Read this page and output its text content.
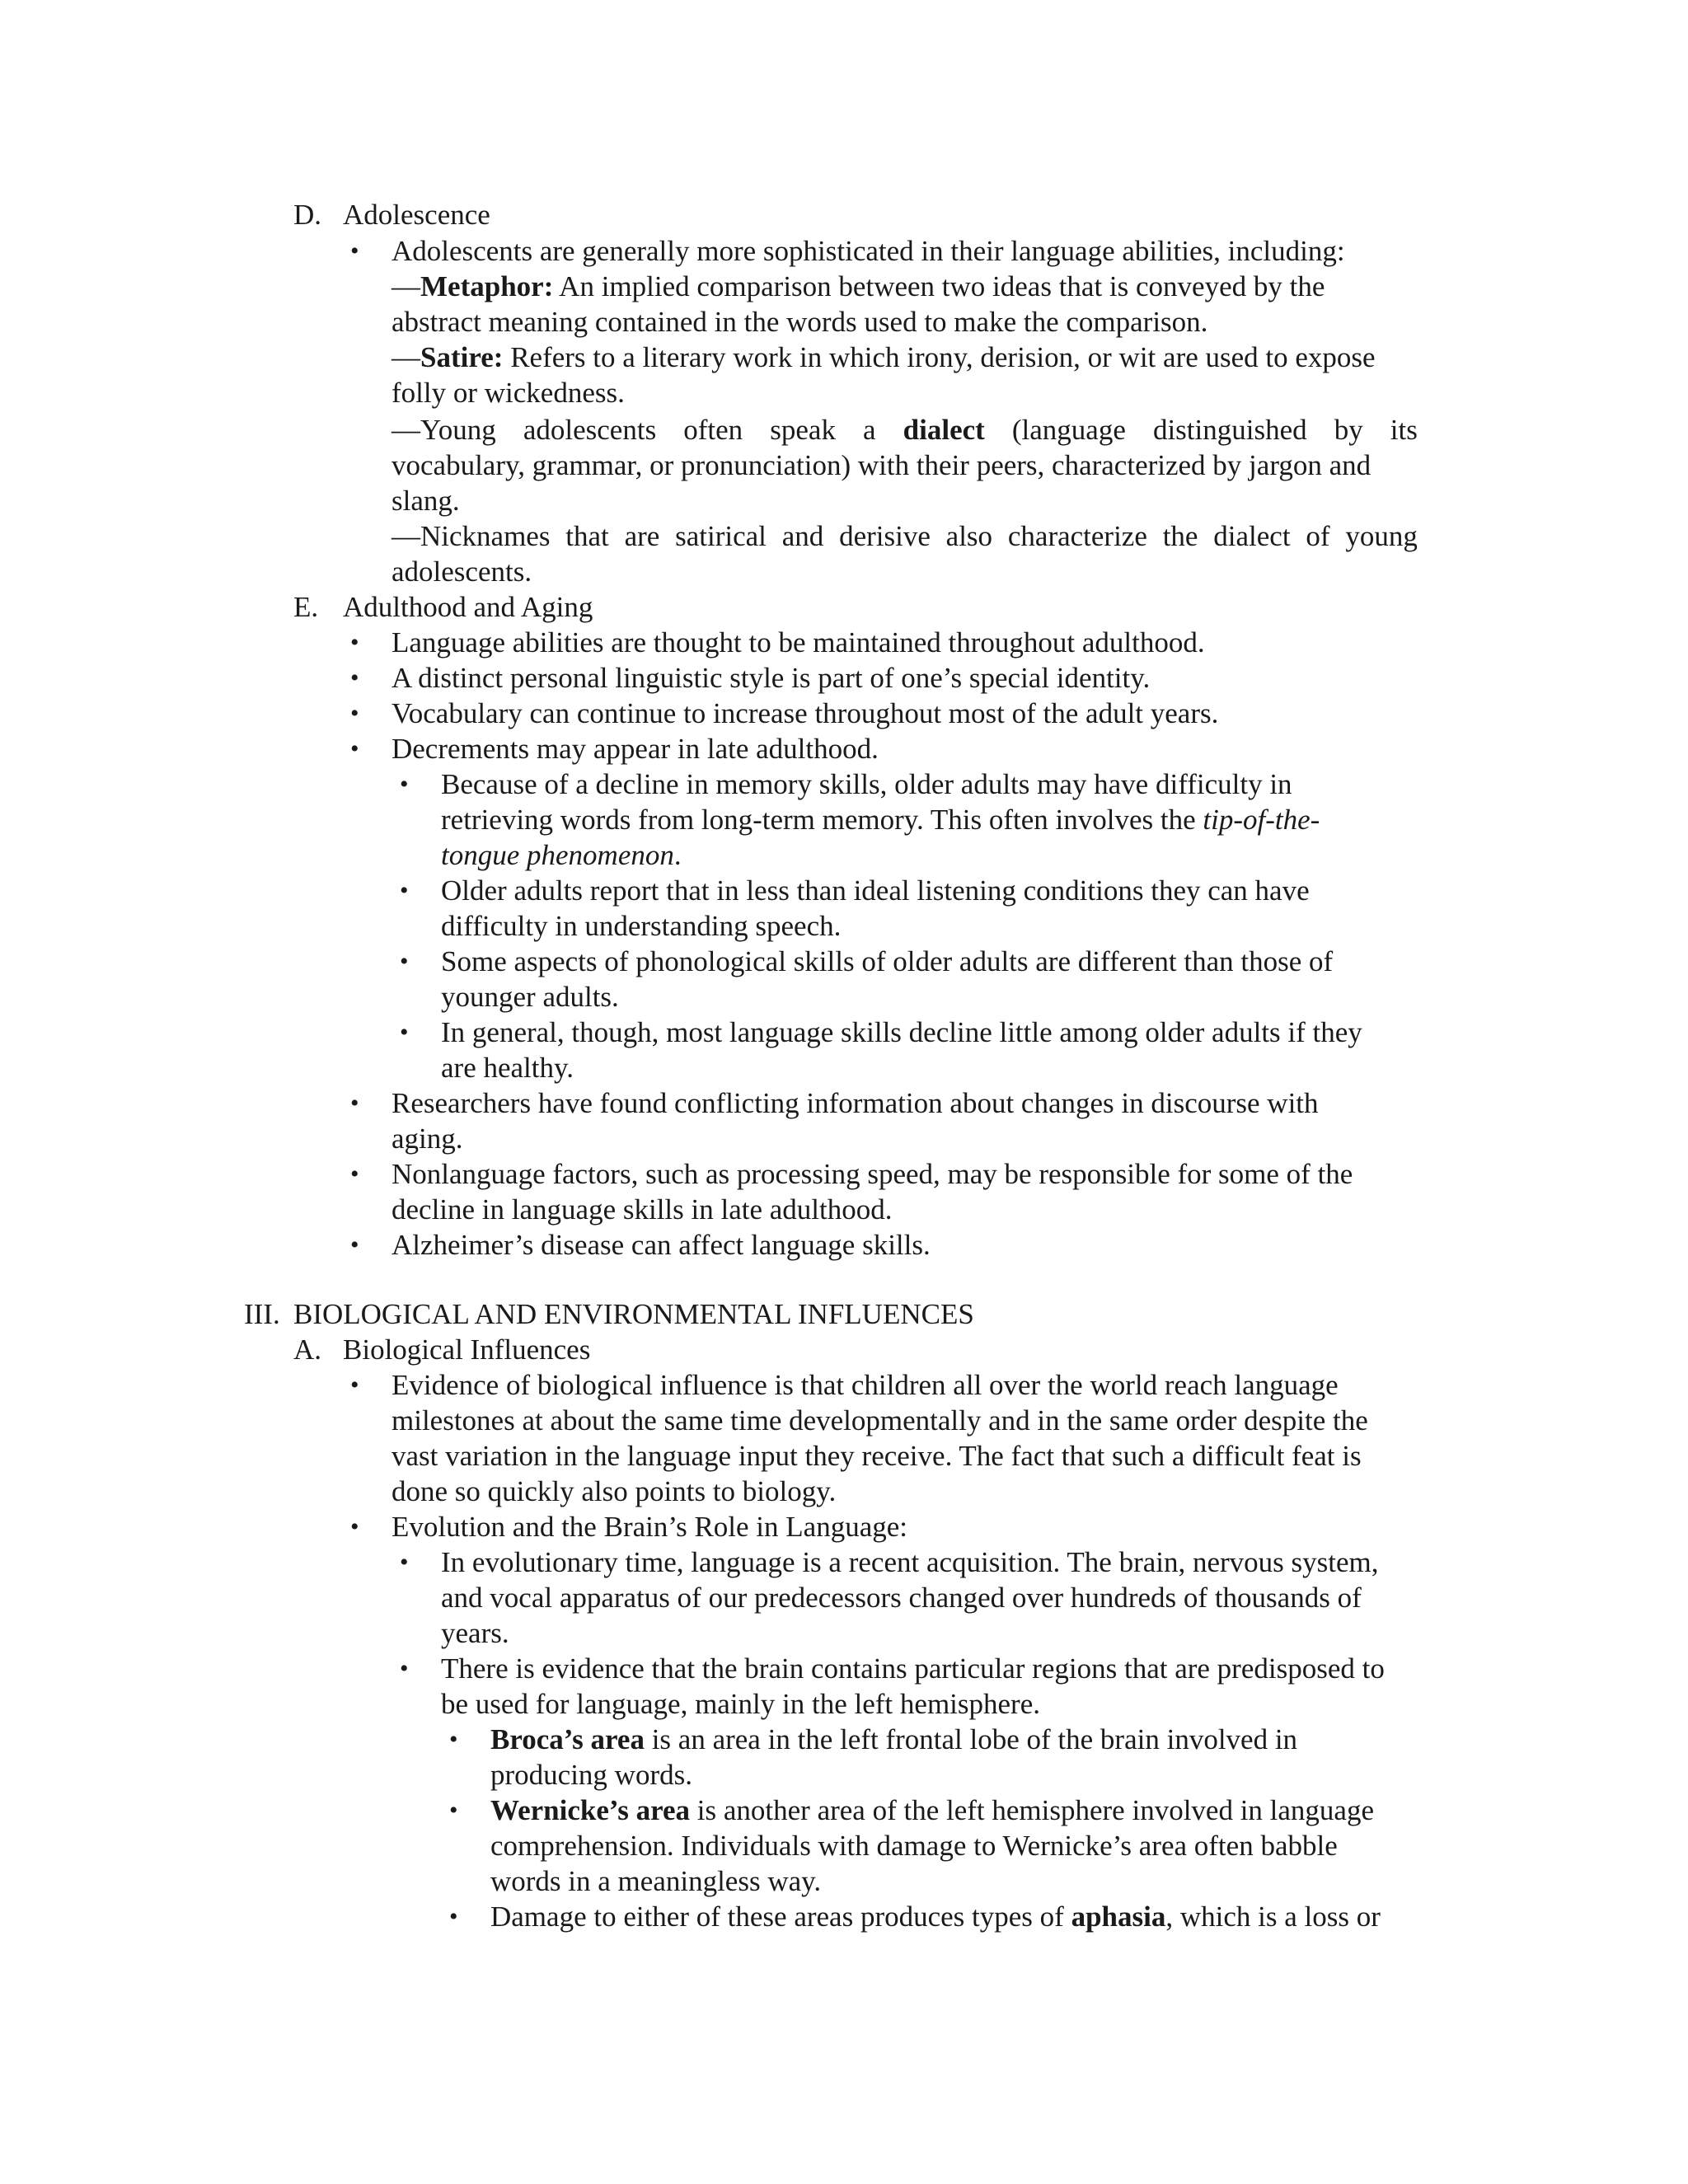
D. Adolescence
• Adolescents are generally more sophisticated in their language abilities, including:
—Metaphor: An implied comparison between two ideas that is conveyed by the
abstract meaning contained in the words used to make the comparison.
—Satire: Refers to a literary work in which irony, derision, or wit are used to expose
folly or wickedness.
—Young adolescents often speak a dialect (language distinguished by its
vocabulary, grammar, or pronunciation) with their peers, characterized by jargon and
slang.
—Nicknames that are satirical and derisive also characterize the dialect of young
adolescents.
E. Adulthood and Aging
• Language abilities are thought to be maintained throughout adulthood.
• A distinct personal linguistic style is part of one’s special identity.
• Vocabulary can continue to increase throughout most of the adult years.
• Decrements may appear in late adulthood.
• Because of a decline in memory skills, older adults may have difficulty in
retrieving words from long-term memory. This often involves the tip-of-the-
tongue phenomenon.
• Older adults report that in less than ideal listening conditions they can have
difficulty in understanding speech.
• Some aspects of phonological skills of older adults are different than those of
younger adults.
• In general, though, most language skills decline little among older adults if they
are healthy.
• Researchers have found conflicting information about changes in discourse with
aging.
• Nonlanguage factors, such as processing speed, may be responsible for some of the
decline in language skills in late adulthood.
• Alzheimer’s disease can affect language skills.
III. BIOLOGICAL AND ENVIRONMENTAL INFLUENCES
A. Biological Influences
• Evidence of biological influence is that children all over the world reach language
milestones at about the same time developmentally and in the same order despite the
vast variation in the language input they receive. The fact that such a difficult feat is
done so quickly also points to biology.
• Evolution and the Brain’s Role in Language:
• In evolutionary time, language is a recent acquisition. The brain, nervous system,
and vocal apparatus of our predecessors changed over hundreds of thousands of
years.
• There is evidence that the brain contains particular regions that are predisposed to
be used for language, mainly in the left hemisphere.
• Broca’s area is an area in the left frontal lobe of the brain involved in
producing words.
• Wernicke’s area is another area of the left hemisphere involved in language
comprehension. Individuals with damage to Wernicke’s area often babble
words in a meaningless way.
• Damage to either of these areas produces types of aphasia, which is a loss or
